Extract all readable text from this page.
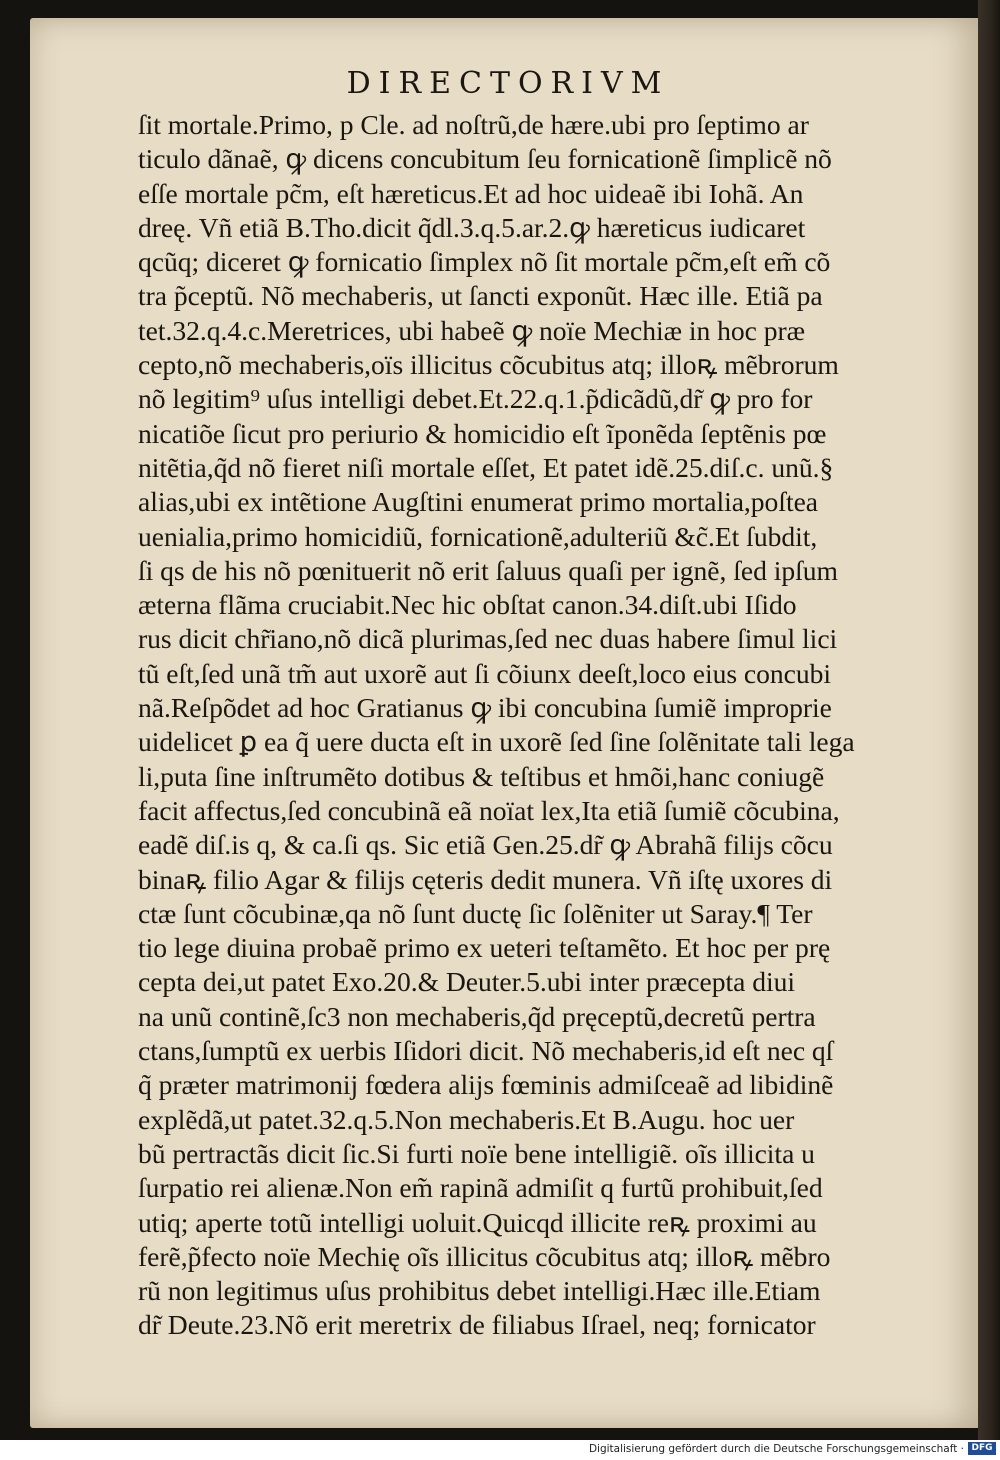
DIRECTORIVM
ſit mortale.Primo, p Cle. ad noſtrũ,de hære.ubi pro ſeptimo ar
ticulo dãnaẽ, ꝙ dicens concubitum ſeu fornicationẽ ſimplicẽ nõ
eſſe mortale pc̃m, eſt hæreticus.Et ad hoc uideaẽ ibi Iohã. An
dreę. Vñ etiã B.Tho.dicit q̃dl.3.q.5.ar.2.ꝙ hæreticus iudicaret
qcũq; diceret ꝙ fornicatio ſimplex nõ ſit mortale pc̃m,eſt em̃ cõ
tra p̃ceptũ. Nõ mechaberis, ut ſancti exponũt. Hæc ille. Etiã pa
tet.32.q.4.c.Meretrices, ubi habeẽ ꝙ noïe Mechiæ in hoc præ
cepto,nõ mechaberis,oïs illicitus cõcubitus atq; illoꝶ mẽbrorum
nõ legitim⁹ uſus intelligi debet.Et.22.q.1.p̃dicãdũ,dr̃ ꝙ pro for
nicatiõe ſicut pro periurio & homicidio eſt ĩponẽda ſeptẽnis pœ
nitẽtia,q̃d nõ fieret niſi mortale eſſet, Et patet idẽ.25.diſ.c. unũ.§
alias,ubi ex intẽtione Augſtini enumerat primo mortalia,poſtea
uenialia,primo homicidiũ, fornicationẽ,adulteriũ &c̃.Et ſubdit,
ſi qs de his nõ pœnituerit nõ erit ſaluus quaſi per ignẽ, ſed ipſum
æterna flãma cruciabit.Nec hic obſtat canon.34.diſt.ubi Iſido
rus dicit chr̃iano,nõ dicã plurimas,ſed nec duas habere ſimul lici
tũ eſt,ſed unã tm̃ aut uxorẽ aut ſi cõiunx deeſt,loco eius concubi
nã.Reſpõdet ad hoc Gratianus ꝙ ibi concubina ſumiẽ improprie
uidelicet ꝑ ea q̃ uere ducta eſt in uxorẽ ſed ſine ſolẽnitate tali lega
li,puta ſine inſtrumẽto dotibus & teſtibus et hmõi,hanc coniugẽ
facit affectus,ſed concubinã eã noïat lex,Ita etiã ſumiẽ cõcubina,
eadẽ diſ.is q, & ca.ſi qs. Sic etiã Gen.25.dr̃ ꝙ Abrahã filijs cõcu
binaꝶ filio Agar & filijs cęteris dedit munera. Vñ iſtę uxores di
ctæ ſunt cõcubinæ,qa nõ ſunt ductę ſic ſolẽniter ut Saray.¶ Ter
tio lege diuina probaẽ primo ex ueteri teſtamẽto. Et hoc per prę
cepta dei,ut patet Exo.20.& Deuter.5.ubi inter præcepta diui
na unũ continẽ,ſc3 non mechaberis,q̃d pręceptũ,decretũ pertra
ctans,ſumptũ ex uerbis Iſidori dicit. Nõ mechaberis,id eſt nec qſ
q̃ præter matrimonij fœdera alijs fœminis admiſceaẽ ad libidinẽ
explẽdã,ut patet.32.q.5.Non mechaberis.Et B.Augu. hoc uer
bũ pertractãs dicit ſic.Si furti noïe bene intelligiẽ. oĩs illicita u
ſurpatio rei alienæ.Non em̃ rapinã admiſit q furtũ prohibuit,ſed
utiq; aperte totũ intelligi uoluit.Quicqd illicite reꝶ proximi au
ferẽ,p̃fecto noïe Mechię oĩs illicitus cõcubitus atq; illoꝶ mẽbro
rũ non legitimus uſus prohibitus debet intelligi.Hæc ille.Etiam
dr̃ Deute.23.Nõ erit meretrix de filiabus Iſrael, neq; fornicator
Digitalisierung gefördert durch die Deutsche Forschungsgemeinschaft · DFG
